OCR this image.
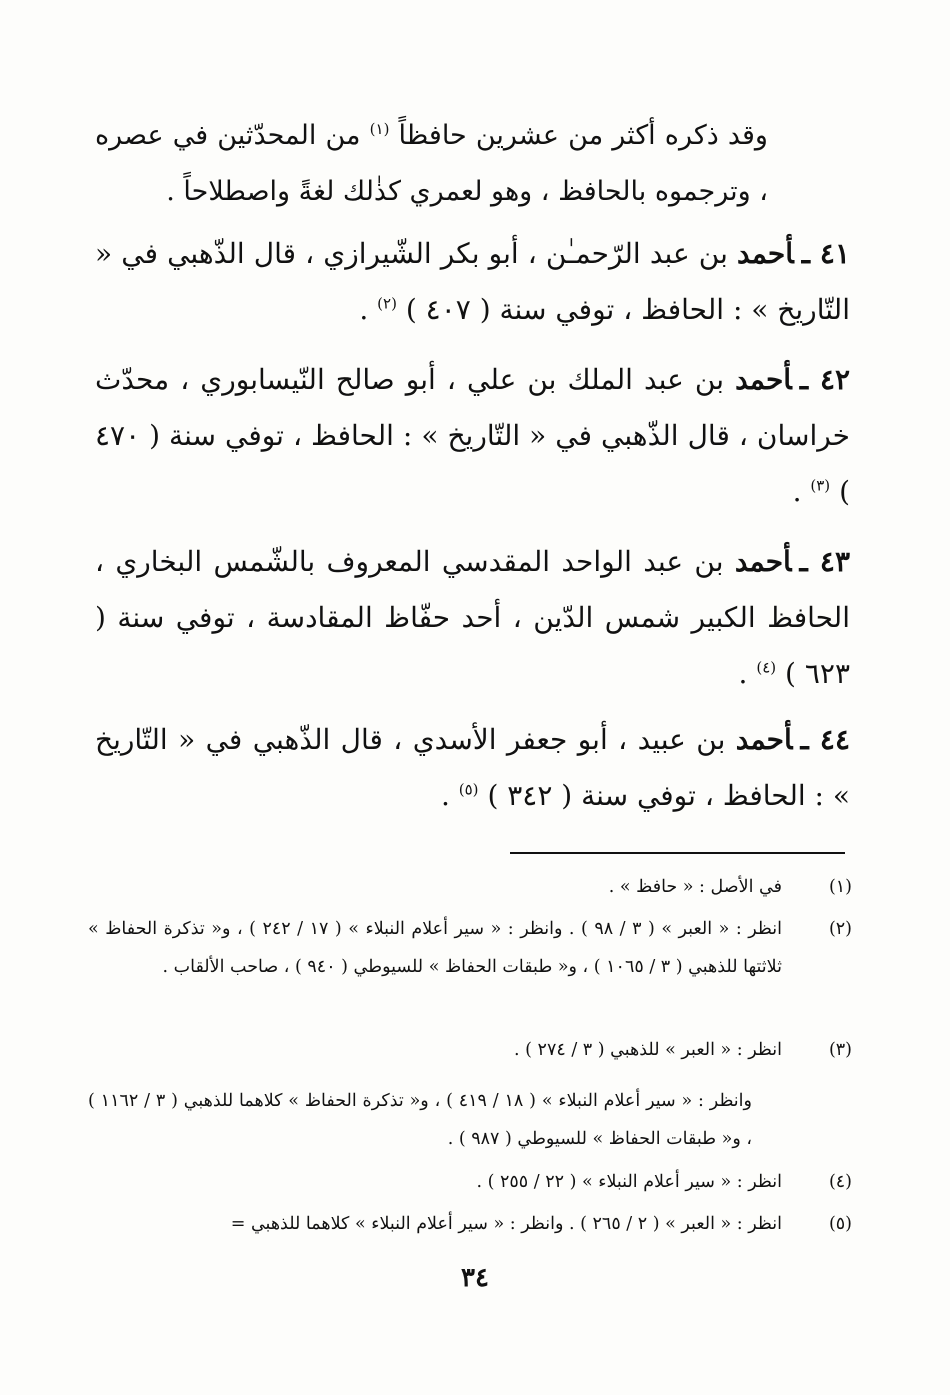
وقد ذكره أكثر من عشرين حافظاً $^{(١)}$ من المحدّثين في عصره ، وترجموه بالحافظ ، وهو لعمري كذٰلك لغةً واصطلاحاً .
٤١ ـأحمد بن عبد الرّحمـٰن ، أبو بكر الشّيرازي ، قال الذّهبي في « التّاريخ » : الحافظ ، توفي سنة ( ٤٠٧ ) $^{(٢)}$ .
٤٢ ـأحمد بن عبد الملك بن علي ، أبو صالح النّيسابوري ، محدّث خراسان ، قال الذّهبي في « التّاريخ » : الحافظ ، توفي سنة ( ٤٧٠ ) $^{(٣)}$ .
٤٣ ـأحمد بن عبد الواحد المقدسي المعروف بالشّمس البخاري ، الحافظ الكبير شمس الدّين ، أحد حفّاظ المقادسة ، توفي سنة ( ٦٢٣ ) $^{(٤)}$ .
٤٤ ـأحمد بن عبيد ، أبو جعفر الأسدي ، قال الذّهبي في « التّاريخ » : الحافظ ، توفي سنة ( ٣٤٢ ) $^{(٥)}$ .
(١)
في الأصل : « حافظ » .
(٢)
انظر : « العبر » ( ٣ / ٩٨ ) . وانظر : « سير أعلام النبلاء » ( ١٧ / ٢٤٢ ) ، و« تذكرة الحفاظ » ثلاثتها للذهبي ( ٣ / ١٠٦٥ ) ، و« طبقات الحفاظ » للسيوطي ( ٩٤٠ ) ، صاحب الألقاب .
(٣)
انظر : « العبر » للذهبي ( ٣ / ٢٧٤ ) .
وانظر : « سير أعلام النبلاء » ( ١٨ / ٤١٩ ) ، و« تذكرة الحفاظ » كلاهما للذهبي ( ٣ / ١١٦٢ ) ، و« طبقات الحفاظ » للسيوطي ( ٩٨٧ ) .
(٤)
انظر : « سير أعلام النبلاء » ( ٢٢ / ٢٥٥ ) .
(٥)
انظر : « العبر » ( ٢ / ٢٦٥ ) . وانظر : « سير أعلام النبلاء » كلاهما للذهبي =
٣٤
